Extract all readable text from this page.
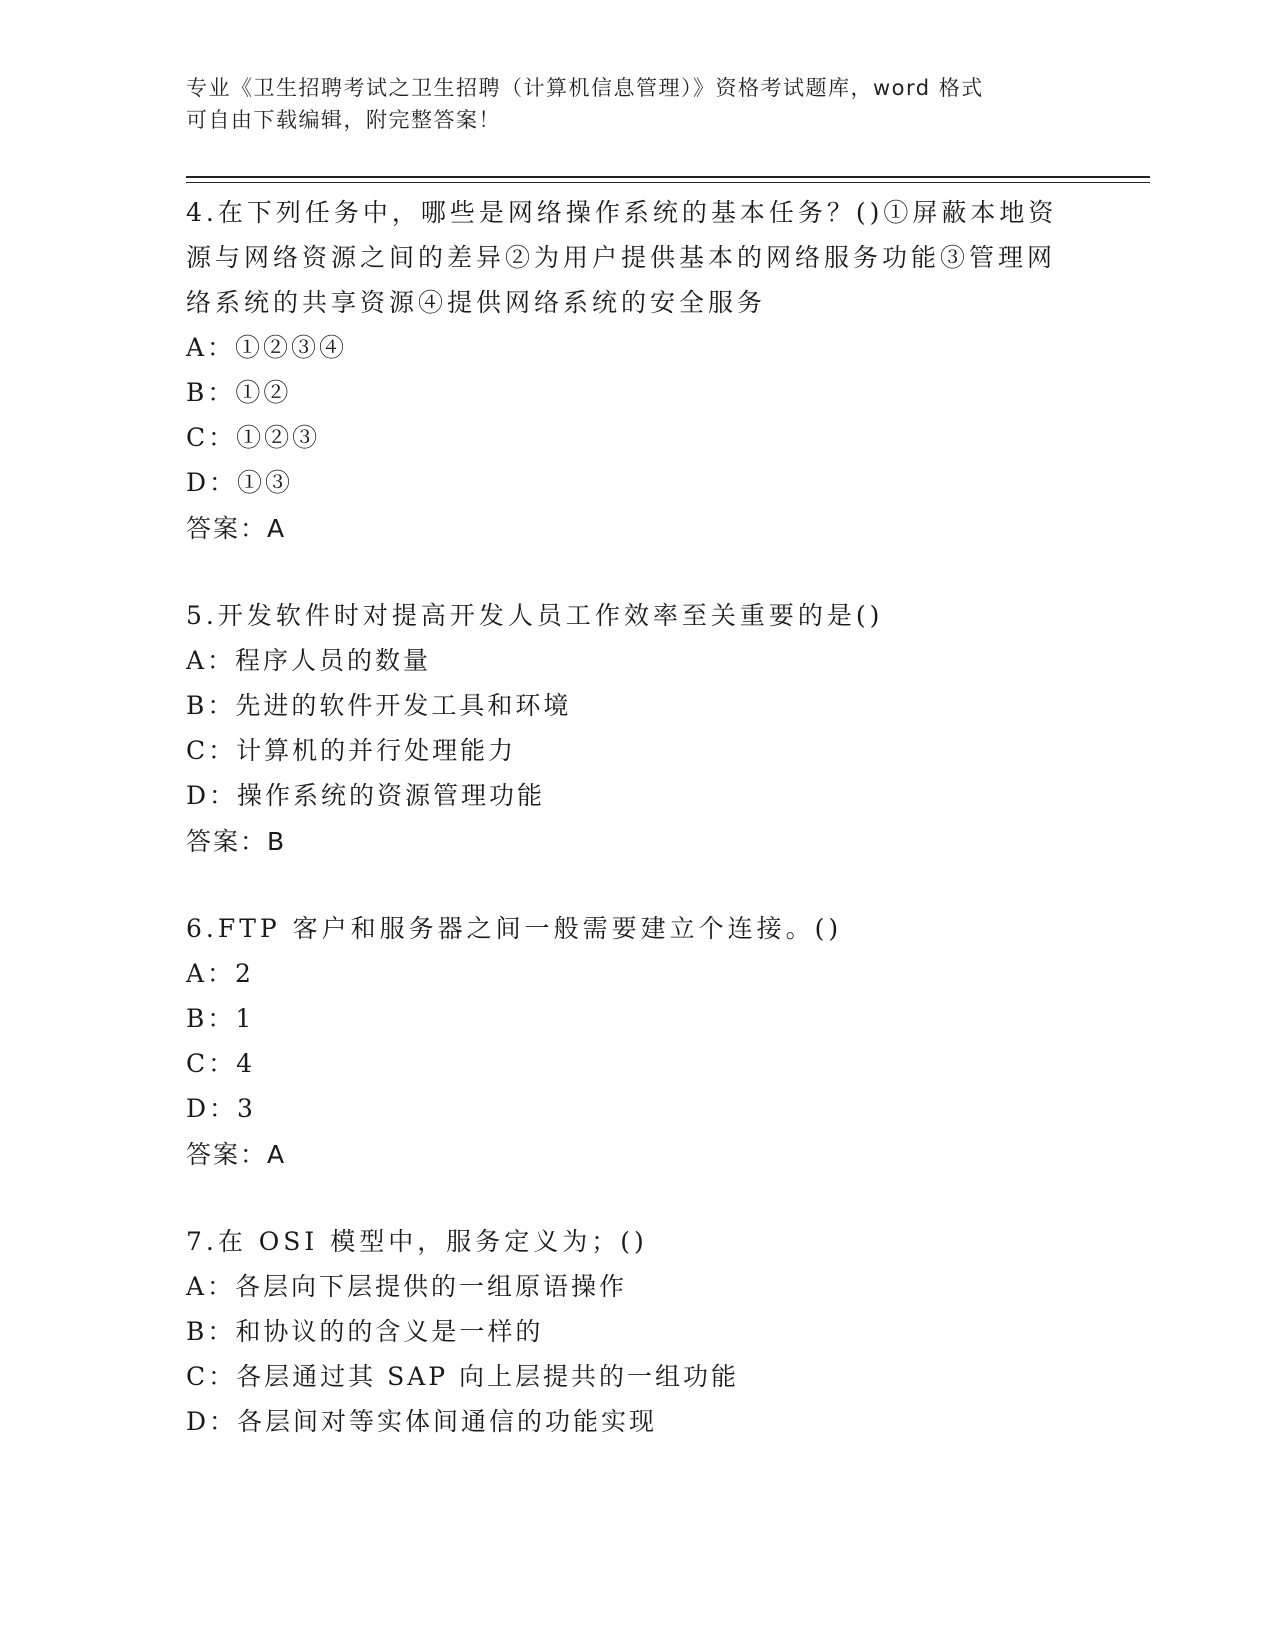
专业《卫生招聘考试之卫生招聘（计算机信息管理）》资格考试题库，word 格式
可自由下载编辑，附完整答案！
4.在下列任务中，哪些是网络操作系统的基本任务？()①屏蔽本地资
源与网络资源之间的差异②为用户提供基本的网络服务功能③管理网
络系统的共享资源④提供网络系统的安全服务
A：①②③④
B：①②
C：①②③
D：①③
答案：A
5.开发软件时对提高开发人员工作效率至关重要的是()
A：程序人员的数量
B：先进的软件开发工具和环境
C：计算机的并行处理能力
D：操作系统的资源管理功能
答案：B
6.FTP 客户和服务器之间一般需要建立个连接。()
A：2
B：1
C：4
D：3
答案：A
7.在 OSI 模型中，服务定义为；()
A：各层向下层提供的一组原语操作
B：和协议的的含义是一样的
C：各层通过其 SAP 向上层提共的一组功能
D：各层间对等实体间通信的功能实现
